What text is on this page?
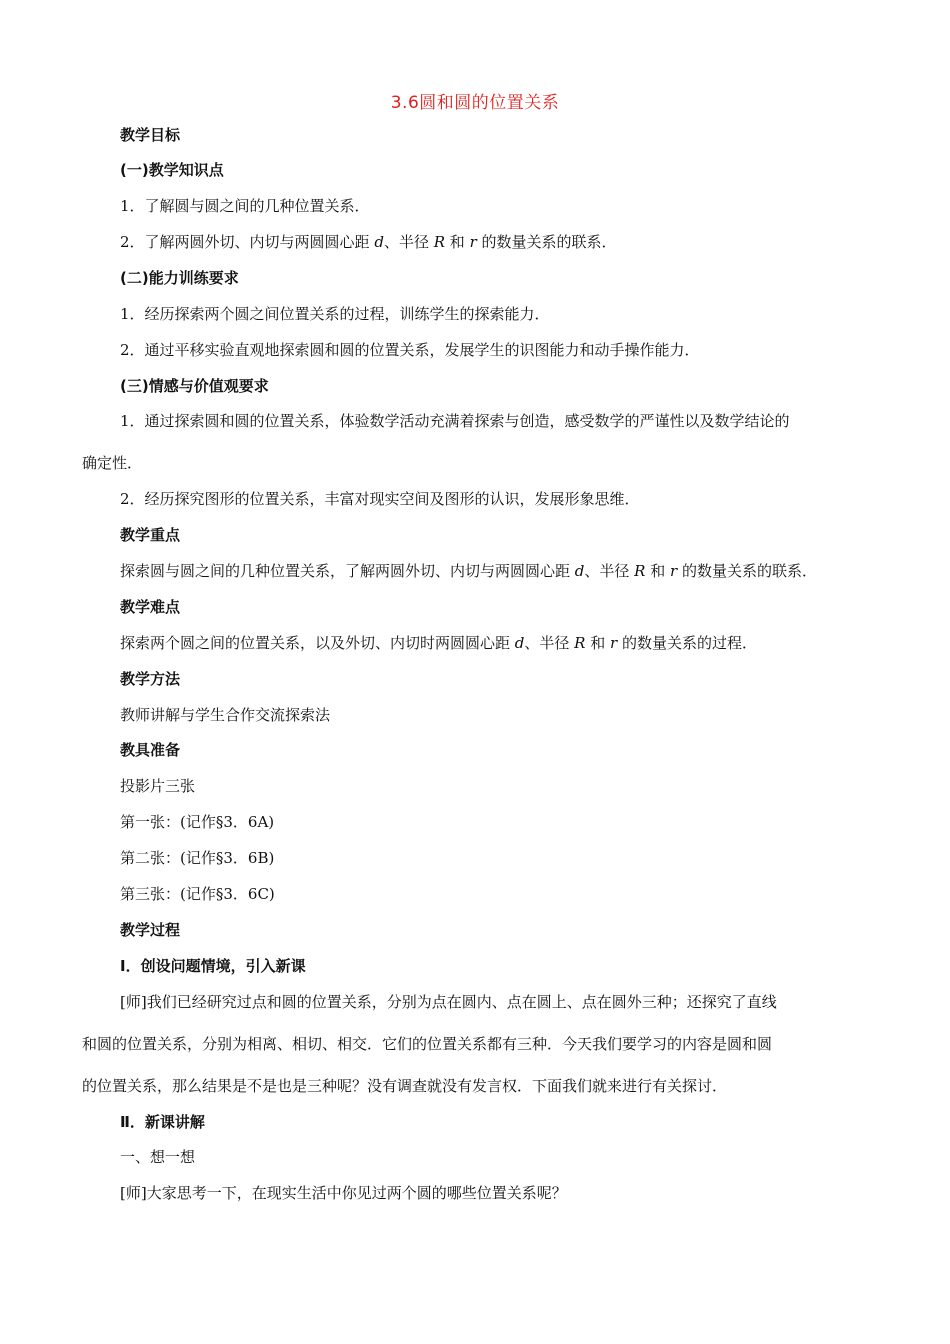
3.6圆和圆的位置关系
教学目标
(一)教学知识点
1．了解圆与圆之间的几种位置关系．
2．了解两圆外切、内切与两圆圆心距 d、半径 R 和 r 的数量关系的联系．
(二)能力训练要求
1．经历探索两个圆之间位置关系的过程，训练学生的探索能力．
2．通过平移实验直观地探索圆和圆的位置关系，发展学生的识图能力和动手操作能力．
(三)情感与价值观要求
1．通过探索圆和圆的位置关系，体验数学活动充满着探索与创造，感受数学的严谨性以及数学结论的
确定性．
2．经历探究图形的位置关系，丰富对现实空间及图形的认识，发展形象思维．
教学重点
探索圆与圆之间的几种位置关系，了解两圆外切、内切与两圆圆心距 d、半径 R 和 r 的数量关系的联系．
教学难点
探索两个圆之间的位置关系，以及外切、内切时两圆圆心距 d、半径 R 和 r 的数量关系的过程．
教学方法
教师讲解与学生合作交流探索法
教具准备
投影片三张
第一张：(记作§3．6A)
第二张：(记作§3．6B)
第三张：(记作§3．6C)
教学过程
Ⅰ．创设问题情境，引入新课
[师]我们已经研究过点和圆的位置关系，分别为点在圆内、点在圆上、点在圆外三种；还探究了直线
和圆的位置关系，分别为相离、相切、相交．它们的位置关系都有三种．今天我们要学习的内容是圆和圆
的位置关系，那么结果是不是也是三种呢？没有调查就没有发言权．下面我们就来进行有关探讨．
Ⅱ．新课讲解
一、想一想
[师]大家思考一下，在现实生活中你见过两个圆的哪些位置关系呢？
